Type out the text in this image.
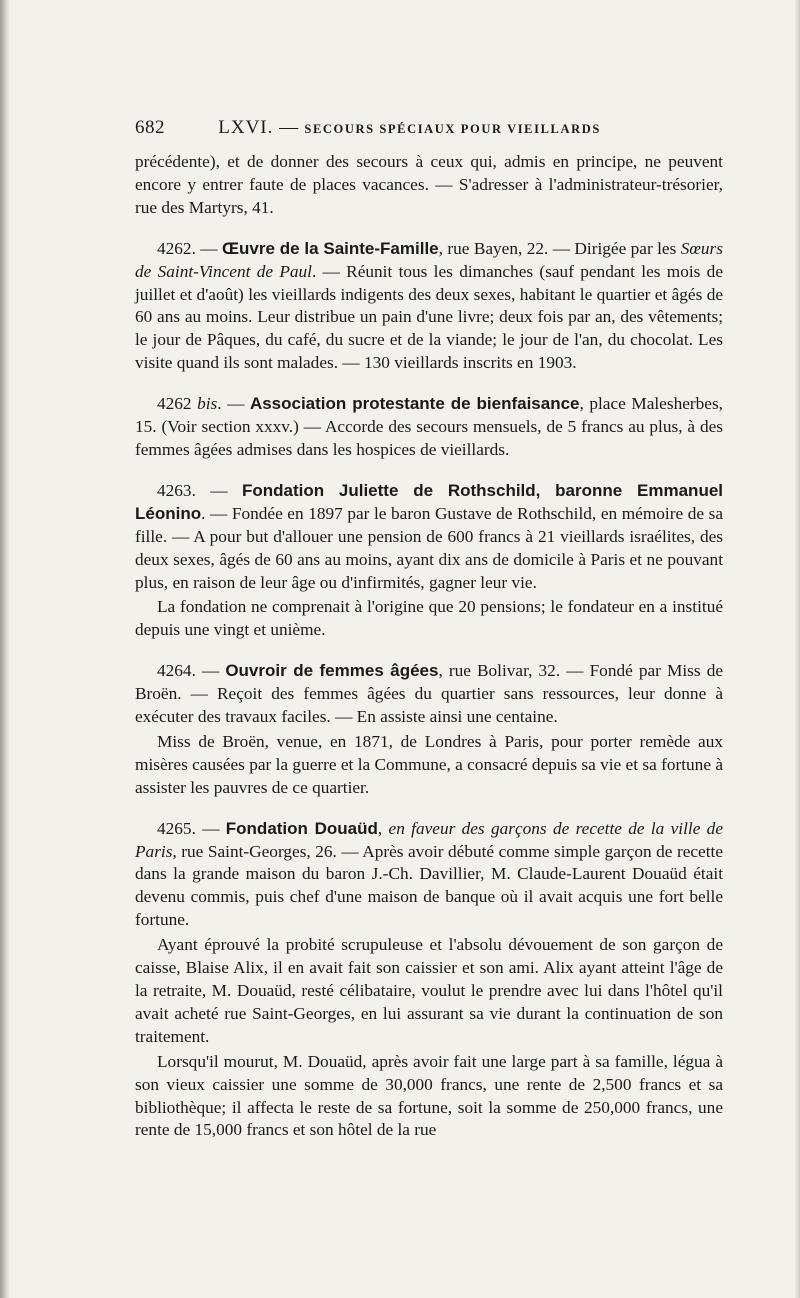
682	LXVI. — SECOURS SPÉCIAUX POUR VIEILLARDS

précédente), et de donner des secours à ceux qui, admis en principe, ne peuvent encore y entrer faute de places vacances. — S'adresser à l'administrateur-trésorier, rue des Martyrs, 41.

4262. — Œuvre de la Sainte-Famille, rue Bayen, 22. — Dirigée par les Sœurs de Saint-Vincent de Paul. — Réunit tous les dimanches (sauf pendant les mois de juillet et d'août) les vieillards indigents des deux sexes, habitant le quartier et âgés de 60 ans au moins. Leur distribue un pain d'une livre; deux fois par an, des vêtements; le jour de Pâques, du café, du sucre et de la viande; le jour de l'an, du chocolat. Les visite quand ils sont malades. — 130 vieillards inscrits en 1903.

4262 bis. — Association protestante de bienfaisance, place Malesherbes, 15. (Voir section xxxv.) — Accorde des secours mensuels, de 5 francs au plus, à des femmes âgées admises dans les hospices de vieillards.

4263. — Fondation Juliette de Rothschild, baronne Emmanuel Léonino. — Fondée en 1897 par le baron Gustave de Rothschild, en mémoire de sa fille. — A pour but d'allouer une pension de 600 francs à 21 vieillards israélites, des deux sexes, âgés de 60 ans au moins, ayant dix ans de domicile à Paris et ne pouvant plus, en raison de leur âge ou d'infirmités, gagner leur vie.

La fondation ne comprenait à l'origine que 20 pensions; le fondateur en a institué depuis une vingt et unième.

4264. — Ouvroir de femmes âgées, rue Bolivar, 32. — Fondé par Miss de Broën. — Reçoit des femmes âgées du quartier sans ressources, leur donne à exécuter des travaux faciles. — En assiste ainsi une centaine.

Miss de Broën, venue, en 1871, de Londres à Paris, pour porter remède aux misères causées par la guerre et la Commune, a consacré depuis sa vie et sa fortune à assister les pauvres de ce quartier.

4265. — Fondation Douaüd, en faveur des garçons de recette de la ville de Paris, rue Saint-Georges, 26. — Après avoir débuté comme simple garçon de recette dans la grande maison du baron J.-Ch. Davillier, M. Claude-Laurent Douaüd était devenu commis, puis chef d'une maison de banque où il avait acquis une fort belle fortune.

Ayant éprouvé la probité scrupuleuse et l'absolu dévouement de son garçon de caisse, Blaise Alix, il en avait fait son caissier et son ami. Alix ayant atteint l'âge de la retraite, M. Douaüd, resté célibataire, voulut le prendre avec lui dans l'hôtel qu'il avait acheté rue Saint-Georges, en lui assurant sa vie durant la continuation de son traitement.

Lorsqu'il mourut, M. Douaüd, après avoir fait une large part à sa famille, légua à son vieux caissier une somme de 30,000 francs, une rente de 2,500 francs et sa bibliothèque; il affecta le reste de sa fortune, soit la somme de 250,000 francs, une rente de 15,000 francs et son hôtel de la rue
